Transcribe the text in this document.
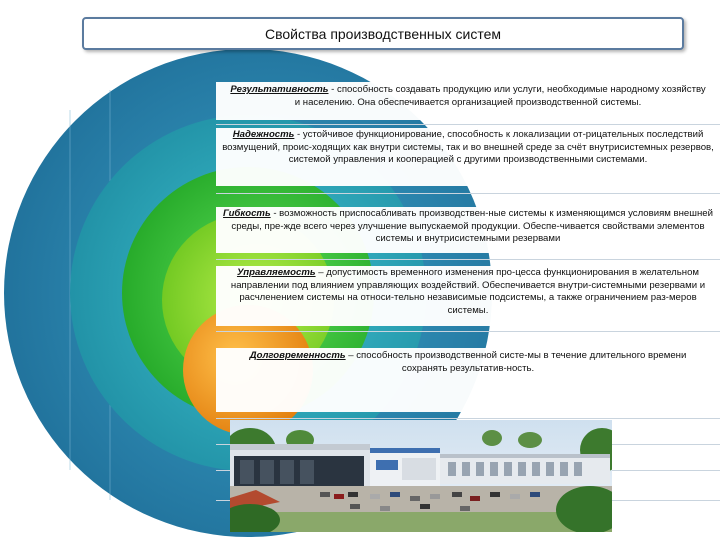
Свойства производственных систем
Результативность - способность создавать продукцию или услуги, необходимые народному хозяйству и населению. Она обеспечивается организацией производственной системы.
Надежность - устойчивое функционирование, способность к локализации от-рицательных последствий возмущений, проис-ходящих как внутри системы, так и во внешней среде за счёт внутрисистемных резервов, системой управления и кооперацией с другими производственными системами.
Гибкость - возможность приспосабливать производствен-ные системы к изменяющимся условиям внешней среды, пре-жде всего через улучшение выпускаемой продукции. Обеспе-чивается свойствами элементов системы и внутрисистемными резервами
Управляемость – допустимость временного изменения про-цесса функционирования в желательном направлении под влиянием управляющих воздействий. Обеспечивается внутри-системными резервами и расчленением системы на относи-тельно независимые подсистемы, а также ограничением раз-меров системы.
Долговременность – способность производственной систе-мы в течение длительного времени сохранять результатив-ность.
